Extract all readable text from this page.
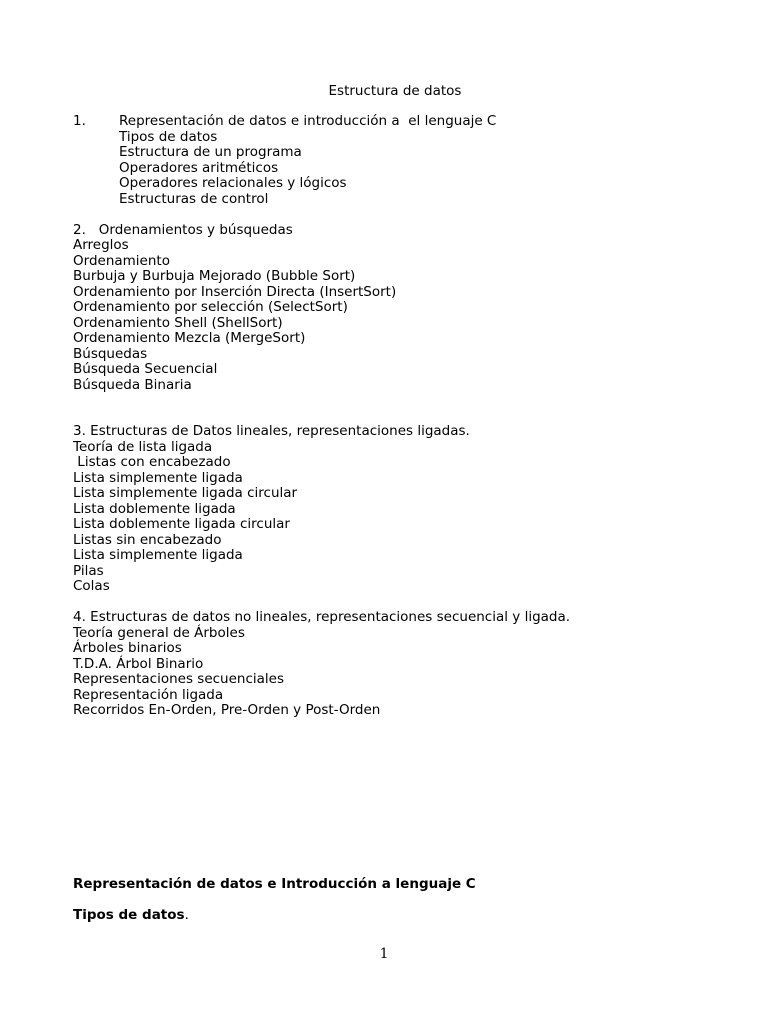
Estructura de datos
1. Representación de datos e introducción a  el lenguaje C
Tipos de datos
Estructura de un programa
Operadores aritméticos
Operadores relacionales y lógicos
Estructuras de control
2.   Ordenamientos y búsquedas
Arreglos
Ordenamiento
Burbuja y Burbuja Mejorado (Bubble Sort)
Ordenamiento por Inserción Directa (InsertSort)
Ordenamiento por selección (SelectSort)
Ordenamiento Shell (ShellSort)
Ordenamiento Mezcla (MergeSort)
Búsquedas
Búsqueda Secuencial
Búsqueda Binaria
3. Estructuras de Datos lineales, representaciones ligadas.
Teoría de lista ligada
Listas con encabezado
Lista simplemente ligada
Lista simplemente ligada circular
Lista doblemente ligada
Lista doblemente ligada circular
Listas sin encabezado
Lista simplemente ligada
Pilas
Colas
4. Estructuras de datos no lineales, representaciones secuencial y ligada.
Teoría general de Árboles
Árboles binarios
T.D.A. Árbol Binario
Representaciones secuenciales
Representación ligada
Recorridos En-Orden, Pre-Orden y Post-Orden
Representación de datos e Introducción a lenguaje C
Tipos de datos.
1
